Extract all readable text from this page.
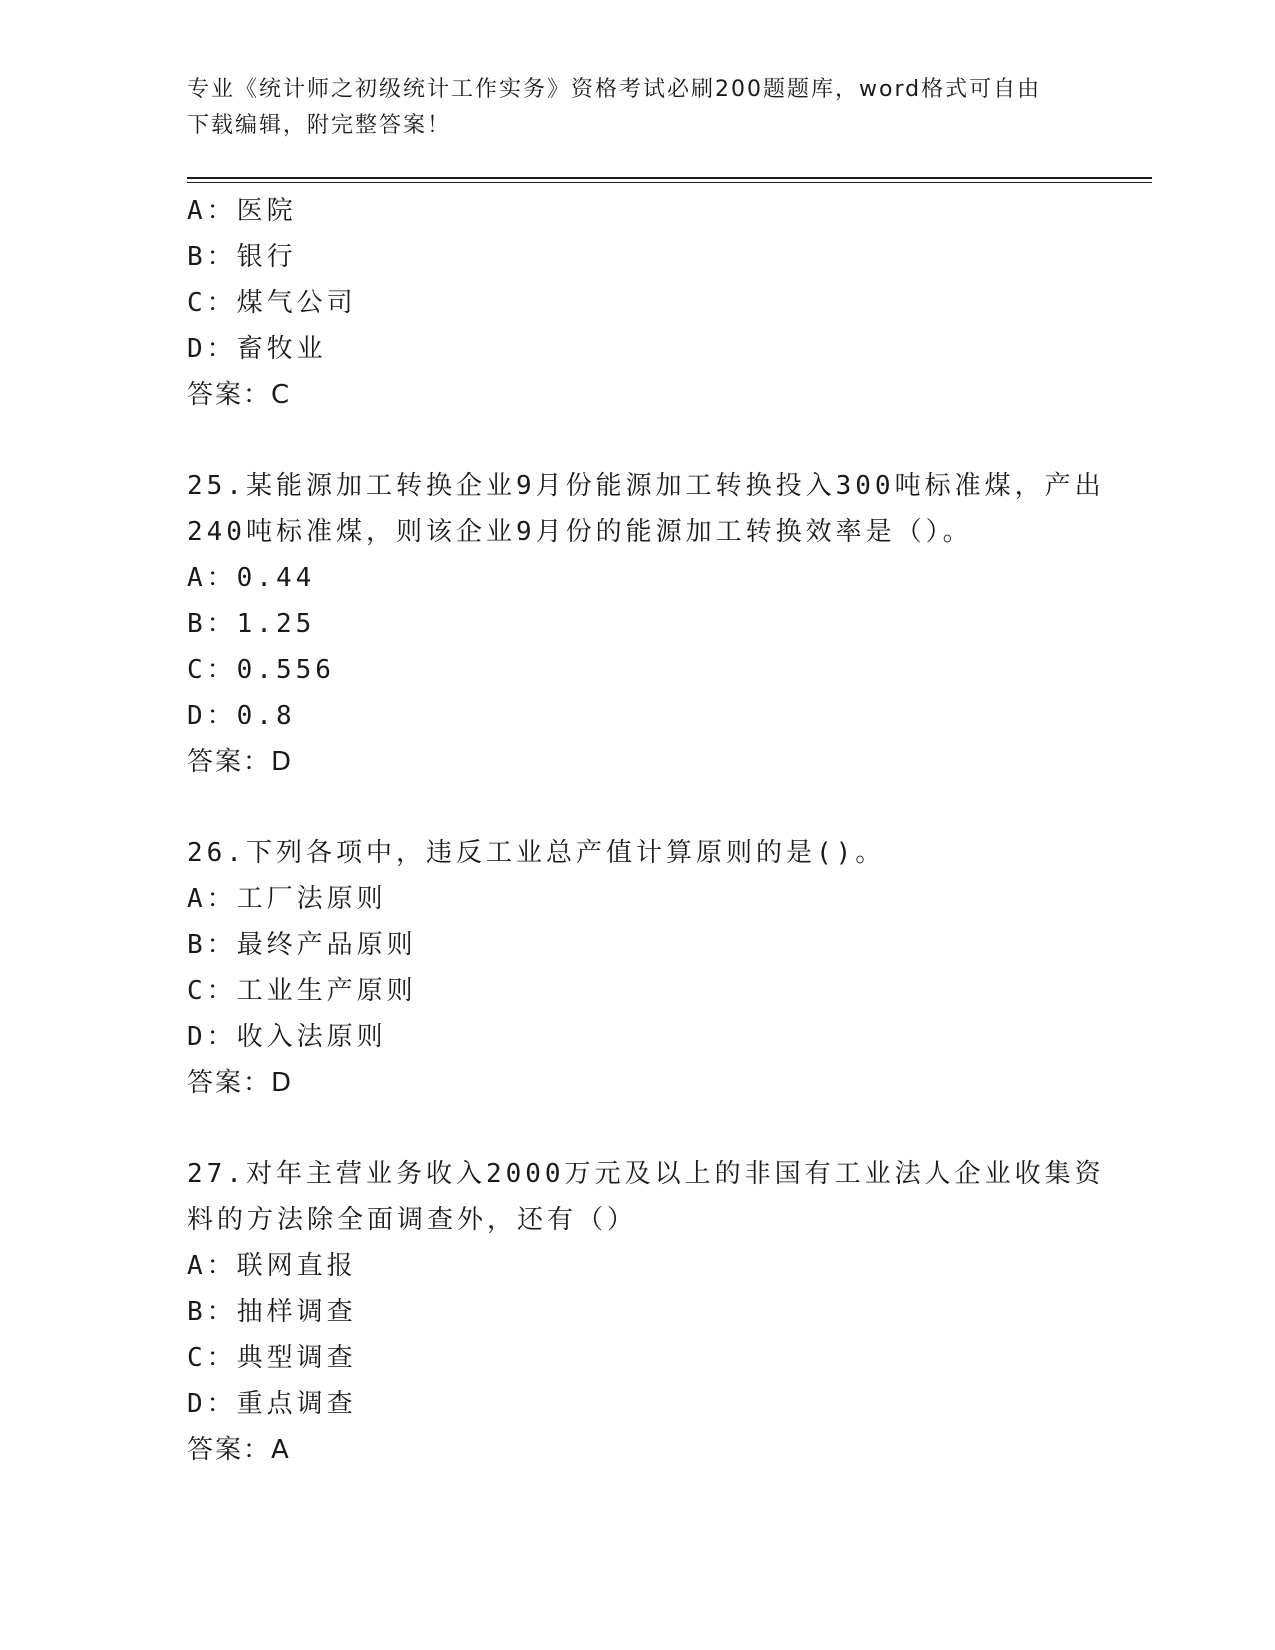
专业《统计师之初级统计工作实务》资格考试必刷200题题库，word格式可自由
下载编辑，附完整答案！
A：医院
B：银行
C：煤气公司
D：畜牧业
答案：C
25.某能源加工转换企业9月份能源加工转换投入300吨标准煤，产出
240吨标准煤，则该企业9月份的能源加工转换效率是（）。
A：0.44
B：1.25
C：0.556
D：0.8
答案：D
26.下列各项中，违反工业总产值计算原则的是()。
A：工厂法原则
B：最终产品原则
C：工业生产原则
D：收入法原则
答案：D
27.对年主营业务收入2000万元及以上的非国有工业法人企业收集资
料的方法除全面调查外，还有（）
A：联网直报
B：抽样调查
C：典型调查
D：重点调查
答案：A
